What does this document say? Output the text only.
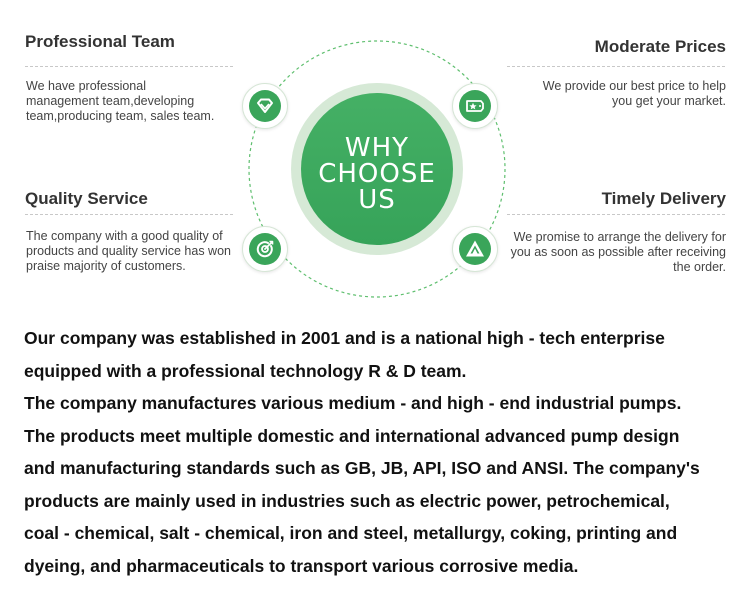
Professional Team

We have professional management team,developing team,producing team, sales team.

Moderate Prices

We provide our best price to help you get your market.

Quality Service

The company with a good quality of products and quality service has won praise majority of customers.

Timely Delivery

We promise to arrange the delivery for you as soon as possible after receiving the order.

WHY
CHOOSE
US

Our company was established in 2001 and is a national high - tech enterprise

equipped with a professional technology R & D team.

The company manufactures various medium - and high - end industrial pumps.

The products meet multiple domestic and international advanced pump design

and manufacturing standards such as GB, JB, API, ISO and ANSI. The company's

products are mainly used in industries such as electric power, petrochemical,

coal - chemical, salt - chemical, iron and steel, metallurgy, coking, printing and

dyeing, and pharmaceuticals to transport various corrosive media.
